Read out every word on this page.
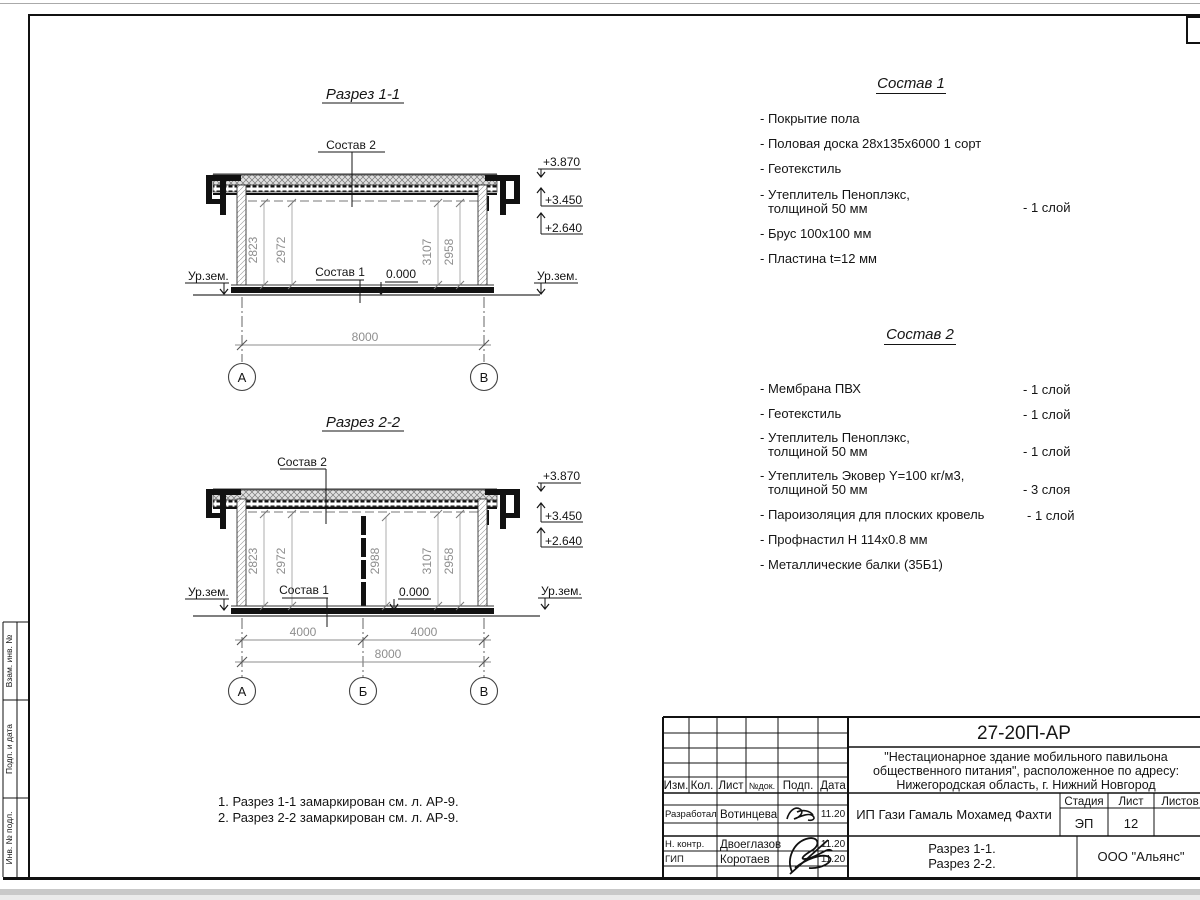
Взам. инв. №
Подп. и дата
Инв. № подл.
Разрез 1-1
2823 2972	3107 2958
Состав 2
Состав 1 0.000
Ур.зем.	Ур.зем.
+3.870
+3.450
+2.640
8000
А	В
Разрез 2-2
2823 2972	2988	3107 2958
Состав 2
Состав 1	0.000
Ур.зем.	Ур.зем.
+3.870
+3.450
+2.640
4000	4000
8000
А	Б	В
Состав 1
- Покрытие пола
- Половая доска 28х135х6000 1 сорт
- Геотекстиль
- Утеплитель Пеноплэкс,
толщиной 50 мм	- 1 слой
- Брус 100х100 мм
- Пластина t=12 мм
Состав 2
- Мембрана ПВХ	- 1 слой
- Геотекстиль	- 1 слой
- Утеплитель Пеноплэкс,
толщиной 50 мм	- 1 слой
- Утеплитель Эковер Y=100 кг/м3,
толщиной 50 мм	- 3 слоя
- Пароизоляция для плоских кровель	- 1 слой
- Профнастил Н 114х0.8 мм
- Металлические балки (35Б1)
1. Разрез 1-1 замаркирован см. л. АР-9.
2. Разрез 2-2 замаркирован см. л. АР-9.
Изм. Кол. Лист №док. Подп. Дата
Разработал Вотинцева	11.20
Н. контр. Двоеглазов	11.20
ГИП	Коротаев	11.20
27-20П-АР
"Нестационарное здание мобильного павильона
общественного питания", расположенное по адресу:
Нижегородская область, г. Нижний Новгород
ИП Гази Гамаль Мохамед Фахти
Стадия Лист Листов
ЭП 12
Разрез 1-1.
Разрез 2-2.	ООО "Альянс"
